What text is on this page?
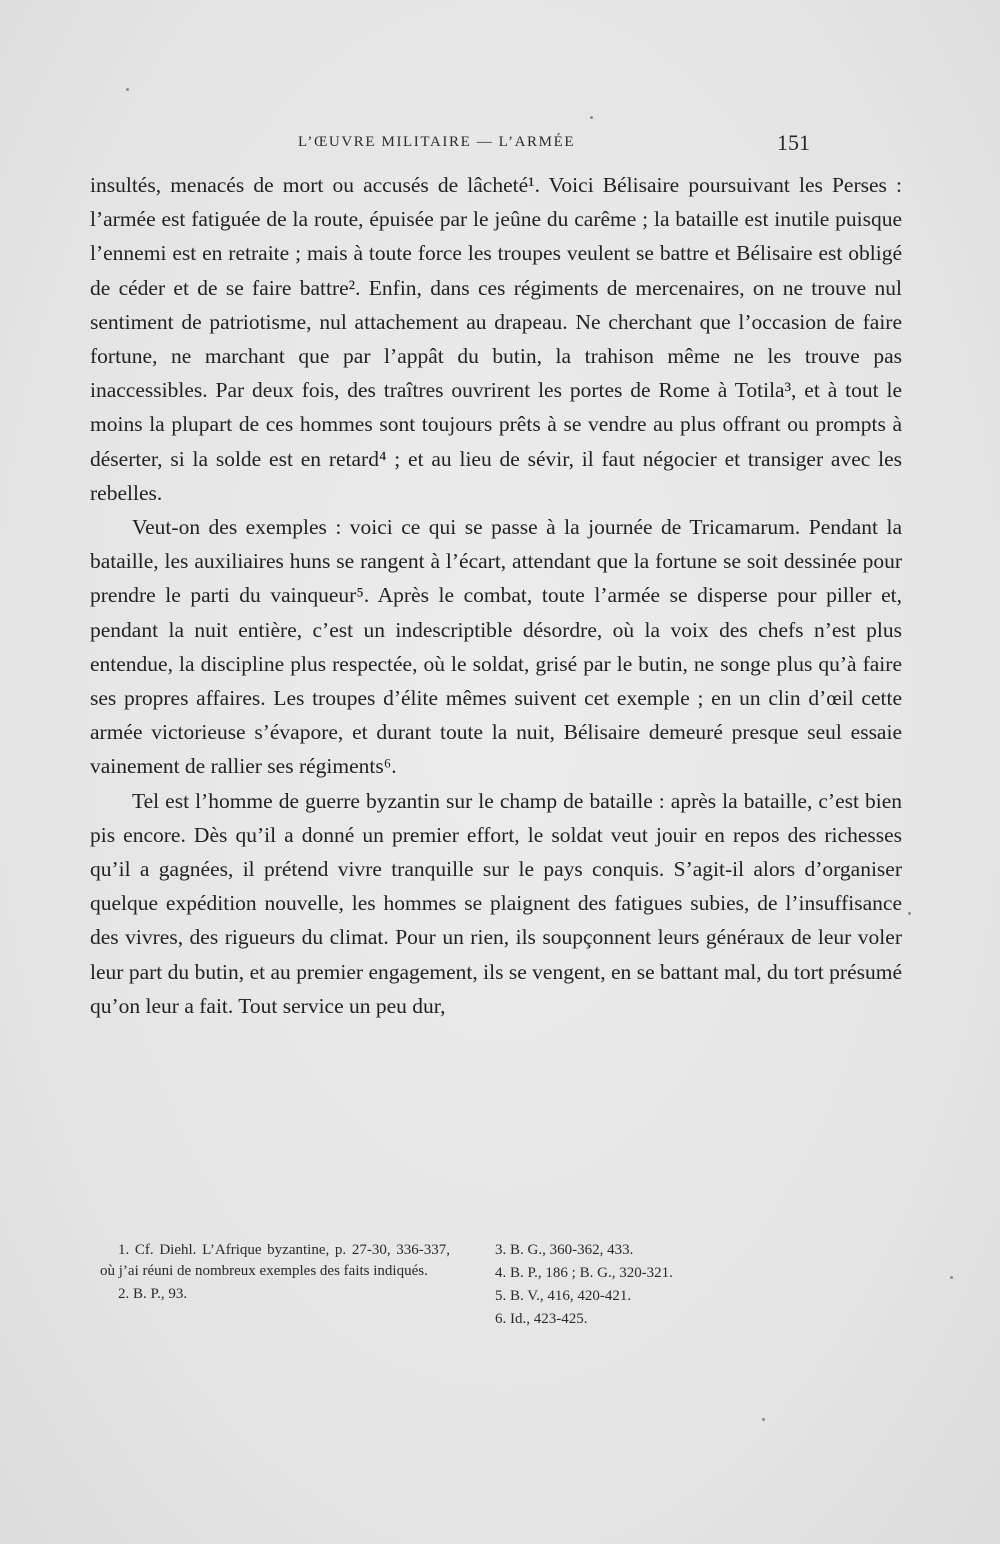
L’ŒUVRE MILITAIRE — L’ARMÉE	151

insultés, menacés de mort ou accusés de lâcheté¹. Voici Bélisaire poursuivant les Perses : l’armée est fatiguée de la route, épuisée par le jeûne du carême ; la bataille est inutile puisque l’ennemi est en retraite ; mais à toute force les troupes veulent se battre et Bélisaire est obligé de céder et de se faire battre². Enfin, dans ces régiments de mercenaires, on ne trouve nul sentiment de patriotisme, nul attachement au drapeau. Ne cherchant que l’occasion de faire fortune, ne marchant que par l’appât du butin, la trahison même ne les trouve pas inaccessibles. Par deux fois, des traîtres ouvrirent les portes de Rome à Totila³, et à tout le moins la plupart de ces hommes sont toujours prêts à se vendre au plus offrant ou prompts à déserter, si la solde est en retard⁴ ; et au lieu de sévir, il faut négocier et transiger avec les rebelles.

Veut-on des exemples : voici ce qui se passe à la journée de Tricamarum. Pendant la bataille, les auxiliaires huns se rangent à l’écart, attendant que la fortune se soit dessinée pour prendre le parti du vainqueur⁵. Après le combat, toute l’armée se disperse pour piller et, pendant la nuit entière, c’est un indescriptible désordre, où la voix des chefs n’est plus entendue, la discipline plus respectée, où le soldat, grisé par le butin, ne songe plus qu’à faire ses propres affaires. Les troupes d’élite mêmes suivent cet exemple ; en un clin d’œil cette armée victorieuse s’évapore, et durant toute la nuit, Bélisaire demeuré presque seul essaie vainement de rallier ses régiments⁶.

Tel est l’homme de guerre byzantin sur le champ de bataille : après la bataille, c’est bien pis encore. Dès qu’il a donné un premier effort, le soldat veut jouir en repos des richesses qu’il a gagnées, il prétend vivre tranquille sur le pays conquis. S’agit-il alors d’organiser quelque expédition nouvelle, les hommes se plaignent des fatigues subies, de l’insuffisance des vivres, des rigueurs du climat. Pour un rien, ils soupçonnent leurs généraux de leur voler leur part du butin, et au premier engagement, ils se vengent, en se battant mal, du tort présumé qu’on leur a fait. Tout service un peu dur,

1. Cf. Diehl. L’Afrique byzantine, p. 27-30, 336-337, où j’ai réuni de nombreux exemples des faits indiqués.

2. B. P., 93.

3. B. G., 360-362, 433.

4. B. P., 186 ; B. G., 320-321.

5. B. V., 416, 420-421.

6. Id., 423-425.
